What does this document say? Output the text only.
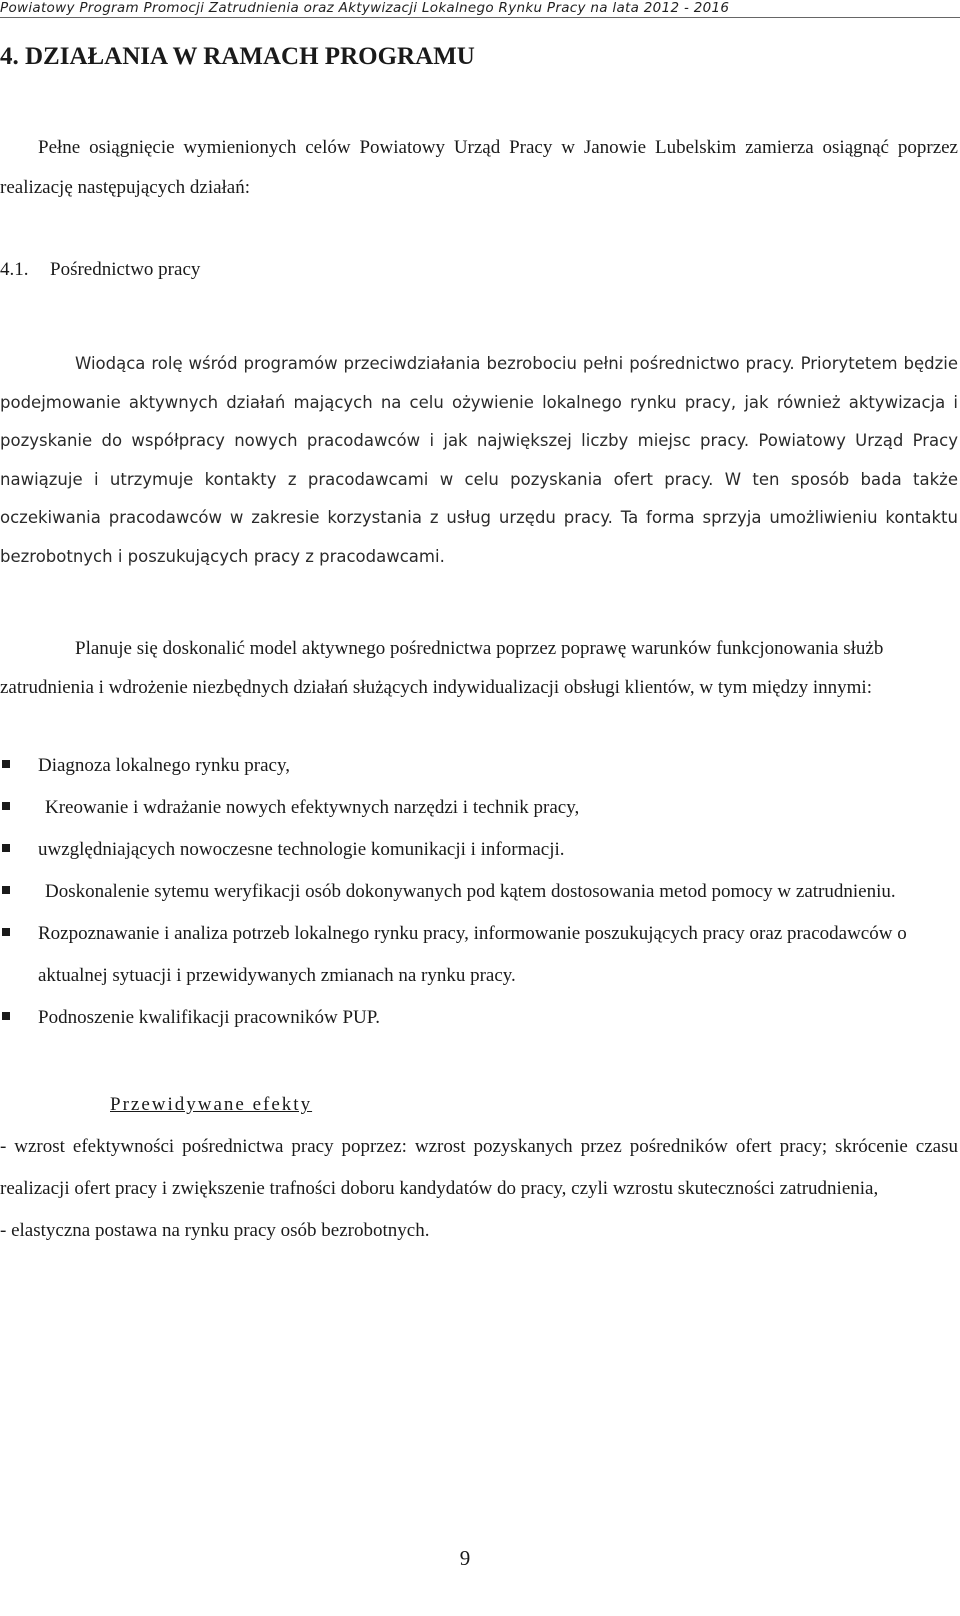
Powiatowy Program Promocji Zatrudnienia oraz Aktywizacji Lokalnego Rynku Pracy na lata 2012 - 2016
4. DZIAŁANIA W RAMACH PROGRAMU

Pełne osiągnięcie wymienionych celów Powiatowy Urząd Pracy w Janowie Lubelskim zamierza osiągnąć poprzez realizację następujących działań:

4.1. Pośrednictwo pracy

Wiodąca rolę wśród programów przeciwdziałania bezrobociu pełni pośrednictwo pracy. Priorytetem będzie podejmowanie aktywnych działań mających na celu ożywienie lokalnego rynku pracy, jak również aktywizacja i pozyskanie do współpracy nowych pracodawców i jak największej liczby miejsc pracy. Powiatowy Urząd Pracy nawiązuje i utrzymuje kontakty z pracodawcami w celu pozyskania ofert pracy. W ten sposób bada także oczekiwania pracodawców w zakresie korzystania z usług urzędu pracy. Ta forma sprzyja umożliwieniu kontaktu bezrobotnych i poszukujących pracy z pracodawcami.

Planuje się doskonalić model aktywnego pośrednictwa poprzez poprawę warunków funkcjonowania służb zatrudnienia i wdrożenie niezbędnych działań służących indywidualizacji obsługi klientów, w tym między innymi:

Diagnoza lokalnego rynku pracy,
Kreowanie i wdrażanie nowych efektywnych narzędzi i technik pracy,
uwzględniających nowoczesne technologie komunikacji i informacji.
Doskonalenie sytemu weryfikacji osób dokonywanych pod kątem dostosowania metod pomocy w zatrudnieniu.
Rozpoznawanie i analiza potrzeb lokalnego rynku pracy, informowanie poszukujących pracy oraz pracodawców o aktualnej sytuacji i przewidywanych zmianach na rynku pracy.
Podnoszenie kwalifikacji pracowników PUP.
Przewidywane efekty

- wzrost efektywności pośrednictwa pracy poprzez: wzrost pozyskanych przez pośredników ofert pracy; skrócenie czasu realizacji ofert pracy i zwiększenie trafności doboru kandydatów do pracy, czyli wzrostu skuteczności zatrudnienia,

- elastyczna postawa na rynku pracy osób bezrobotnych.

9
